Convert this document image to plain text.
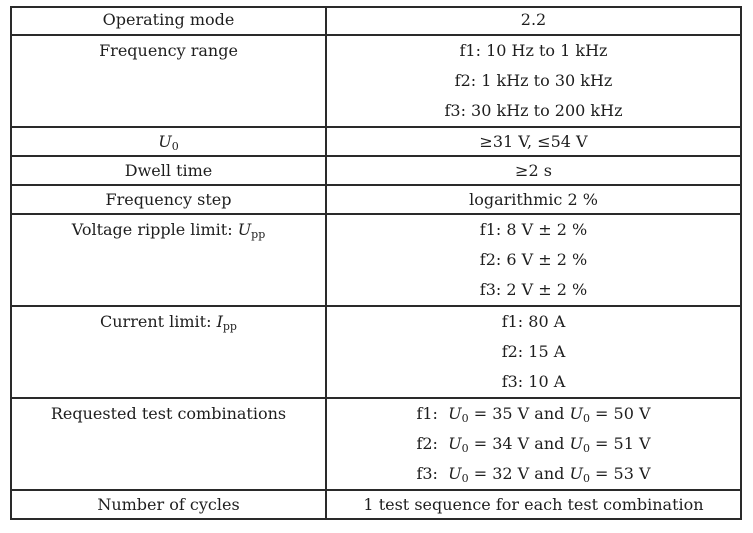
Operating mode	2.2

Frequency range	f1: 10 Hz to 1 kHz
f2: 1 kHz to 30 kHz
f3: 30 kHz to 200 kHz

$U_0$	≥31 V, ≤54 V

Dwell time	≥2 s

Frequency step	logarithmic 2 %

Voltage ripple limit: $U_{pp}$	f1: 8 V ± 2 %
f2: 6 V ± 2 %
f3: 2 V ± 2 %

Current limit: $I_{pp}$	f1: 80 A
f2: 15 A
f3: 10 A

Requested test combinations	f1: $U_0 = 35$ V and $U_0 = 50$ V
f2: $U_0 = 34$ V and $U_0 = 51$ V
f3: $U_0 = 32$ V and $U_0 = 53$ V

Number of cycles	1 test sequence for each test combination
